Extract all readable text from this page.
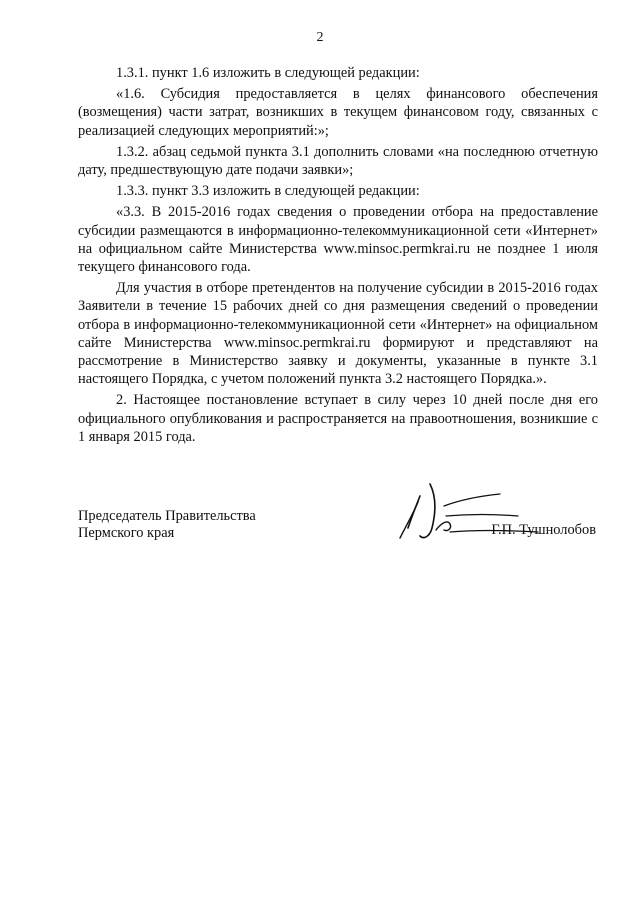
2

1.3.1. пункт 1.6 изложить в следующей редакции:

«1.6. Субсидия предоставляется в целях финансового обеспечения (возмещения) части затрат, возникших в текущем финансовом году, связанных с реализацией следующих мероприятий:»;

1.3.2. абзац седьмой пункта 3.1 дополнить словами «на последнюю отчетную дату, предшествующую дате подачи заявки»;

1.3.3. пункт 3.3 изложить в следующей редакции:

«3.3. В 2015-2016 годах сведения о проведении отбора на предоставление субсидии размещаются в информационно-телекоммуникационной сети «Интернет» на официальном сайте Министерства www.minsoc.permkrai.ru не позднее 1 июля текущего финансового года.

Для участия в отборе претендентов на получение субсидии в 2015-2016 годах Заявители в течение 15 рабочих дней со дня размещения сведений о проведении отбора в информационно-телекоммуникационной сети «Интернет» на официальном сайте Министерства www.minsoc.permkrai.ru формируют и представляют на рассмотрение в Министерство заявку и документы, указанные в пункте 3.1 настоящего Порядка, с учетом положений пункта 3.2 настоящего Порядка.».

2. Настоящее постановление вступает в силу через 10 дней после дня его официального опубликования и распространяется на правоотношения, возникшие с 1 января 2015 года.

Председатель Правительства
Пермского края	Г.П. Тушнолобов
